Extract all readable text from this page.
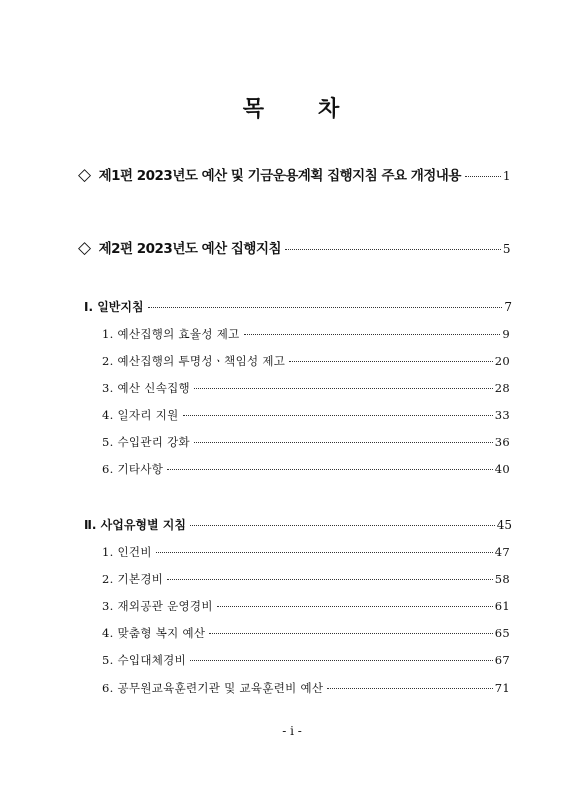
목 차
◇ 제1편 2023년도 예산 및 기금운용계획 집행지침 주요 개정내용	1
◇ 제2편 2023년도 예산 집행지침	5
Ⅰ. 일반지침	7
1. 예산집행의 효율성 제고	9
2. 예산집행의 투명성ㆍ책임성 제고	20
3. 예산 신속집행	28
4. 일자리 지원	33
5. 수입관리 강화	36
6. 기타사항	40
Ⅱ. 사업유형별 지침	45
1. 인건비	47
2. 기본경비	58
3. 재외공관 운영경비	61
4. 맞춤형 복지 예산	65
5. 수입대체경비	67
6. 공무원교육훈련기관 및 교육훈련비 예산	71
- i -
